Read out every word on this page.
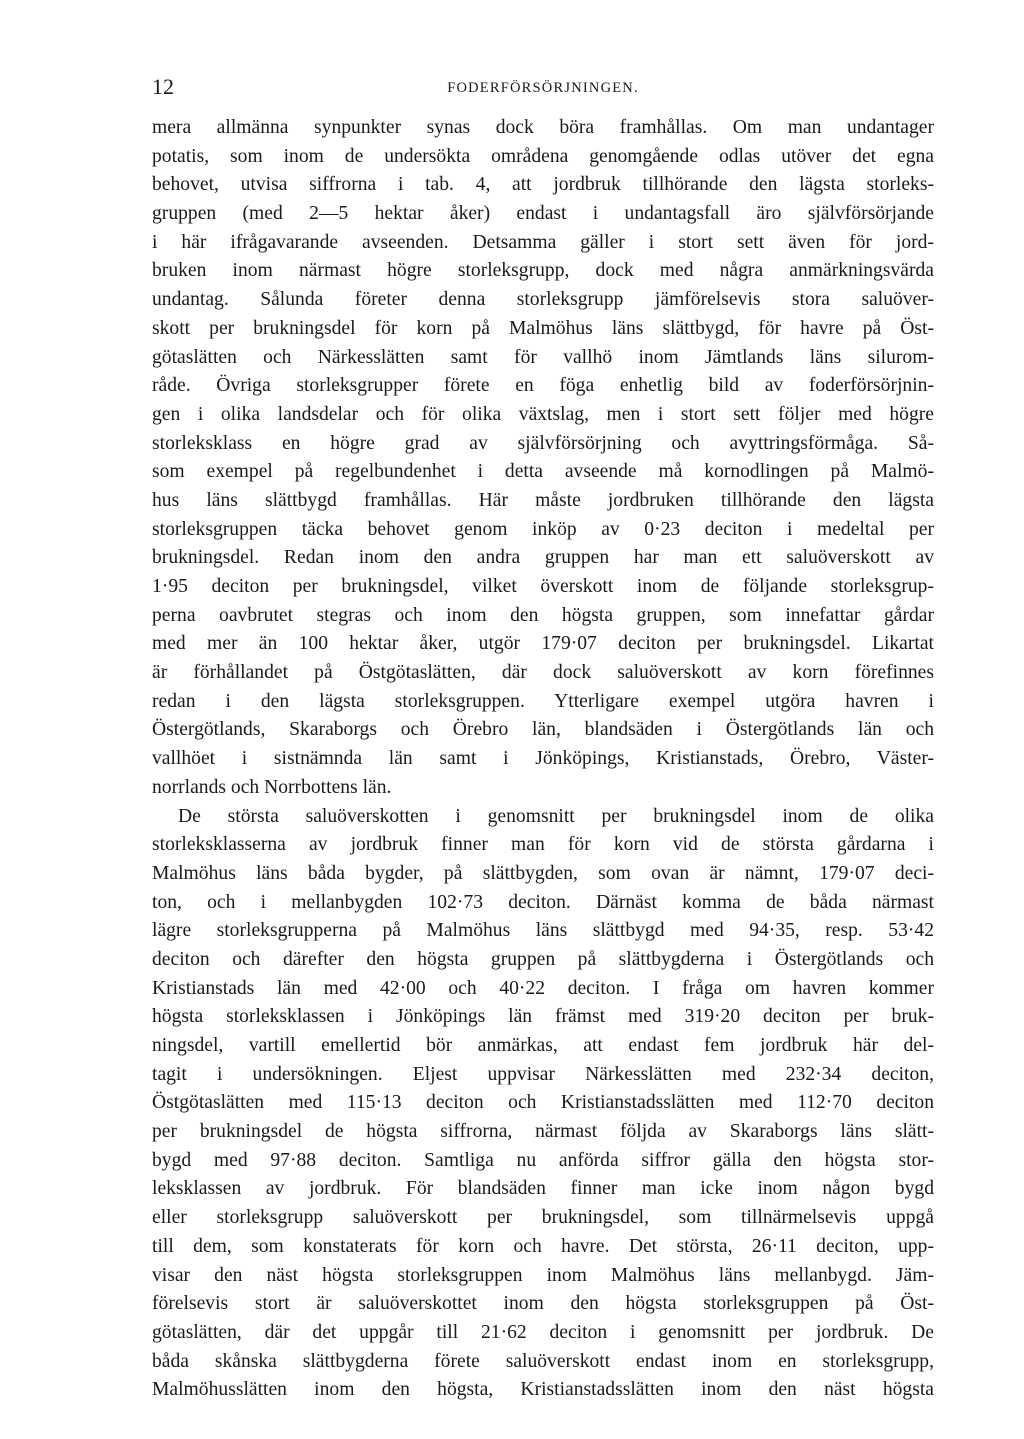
12	FODERFÖRSÖRJNINGEN.
mera allmänna synpunkter synas dock böra framhållas. Om man undantager
potatis, som inom de undersökta områdena genomgående odlas utöver det egna
behovet, utvisa siffrorna i tab. 4, att jordbruk tillhörande den lägsta storleks-
gruppen (med 2—5 hektar åker) endast i undantagsfall äro självförsörjande
i här ifrågavarande avseenden. Detsamma gäller i stort sett även för jord-
bruken inom närmast högre storleksgrupp, dock med några anmärkningsvärda
undantag. Sålunda företer denna storleksgrupp jämförelsevis stora saluöver-
skott per brukningsdel för korn på Malmöhus läns slättbygd, för havre på Öst-
götaslätten och Närkesslätten samt för vallhö inom Jämtlands läns silurom-
råde. Övriga storleksgrupper förete en föga enhetlig bild av foderförsörjnin-
gen i olika landsdelar och för olika växtslag, men i stort sett följer med högre
storleksklass en högre grad av självförsörjning och avyttringsförmåga. Så-
som exempel på regelbundenhet i detta avseende må kornodlingen på Malmö-
hus läns slättbygd framhållas. Här måste jordbruken tillhörande den lägsta
storleksgruppen täcka behovet genom inköp av 0·23 deciton i medeltal per
brukningsdel. Redan inom den andra gruppen har man ett saluöverskott av
1·95 deciton per brukningsdel, vilket överskott inom de följande storleksgrup-
perna oavbrutet stegras och inom den högsta gruppen, som innefattar gårdar
med mer än 100 hektar åker, utgör 179·07 deciton per brukningsdel. Likartat
är förhållandet på Östgötaslätten, där dock saluöverskott av korn förefinnes
redan i den lägsta storleksgruppen. Ytterligare exempel utgöra havren i
Östergötlands, Skaraborgs och Örebro län, blandsäden i Östergötlands län och
vallhöet i sistnämnda län samt i Jönköpings, Kristianstads, Örebro, Väster-
norrlands och Norrbottens län.
De största saluöverskotten i genomsnitt per brukningsdel inom de olika
storleksklasserna av jordbruk finner man för korn vid de största gårdarna i
Malmöhus läns båda bygder, på slättbygden, som ovan är nämnt, 179·07 deci-
ton, och i mellanbygden 102·73 deciton. Därnäst komma de båda närmast
lägre storleksgrupperna på Malmöhus läns slättbygd med 94·35, resp. 53·42
deciton och därefter den högsta gruppen på slättbygderna i Östergötlands och
Kristianstads län med 42·00 och 40·22 deciton. I fråga om havren kommer
högsta storleksklassen i Jönköpings län främst med 319·20 deciton per bruk-
ningsdel, vartill emellertid bör anmärkas, att endast fem jordbruk här del-
tagit i undersökningen. Eljest uppvisar Närkesslätten med 232·34 deciton,
Östgötaslätten med 115·13 deciton och Kristianstadsslätten med 112·70 deciton
per brukningsdel de högsta siffrorna, närmast följda av Skaraborgs läns slätt-
bygd med 97·88 deciton. Samtliga nu anförda siffror gälla den högsta stor-
leksklassen av jordbruk. För blandsäden finner man icke inom någon bygd
eller storleksgrupp saluöverskott per brukningsdel, som tillnärmelsevis uppgå
till dem, som konstaterats för korn och havre. Det största, 26·11 deciton, upp-
visar den näst högsta storleksgruppen inom Malmöhus läns mellanbygd. Jäm-
förelsevis stort är saluöverskottet inom den högsta storleksgruppen på Öst-
götaslätten, där det uppgår till 21·62 deciton i genomsnitt per jordbruk. De
båda skånska slättbygderna förete saluöverskott endast inom en storleksgrupp,
Malmöhusslätten inom den högsta, Kristianstadsslätten inom den näst högsta
